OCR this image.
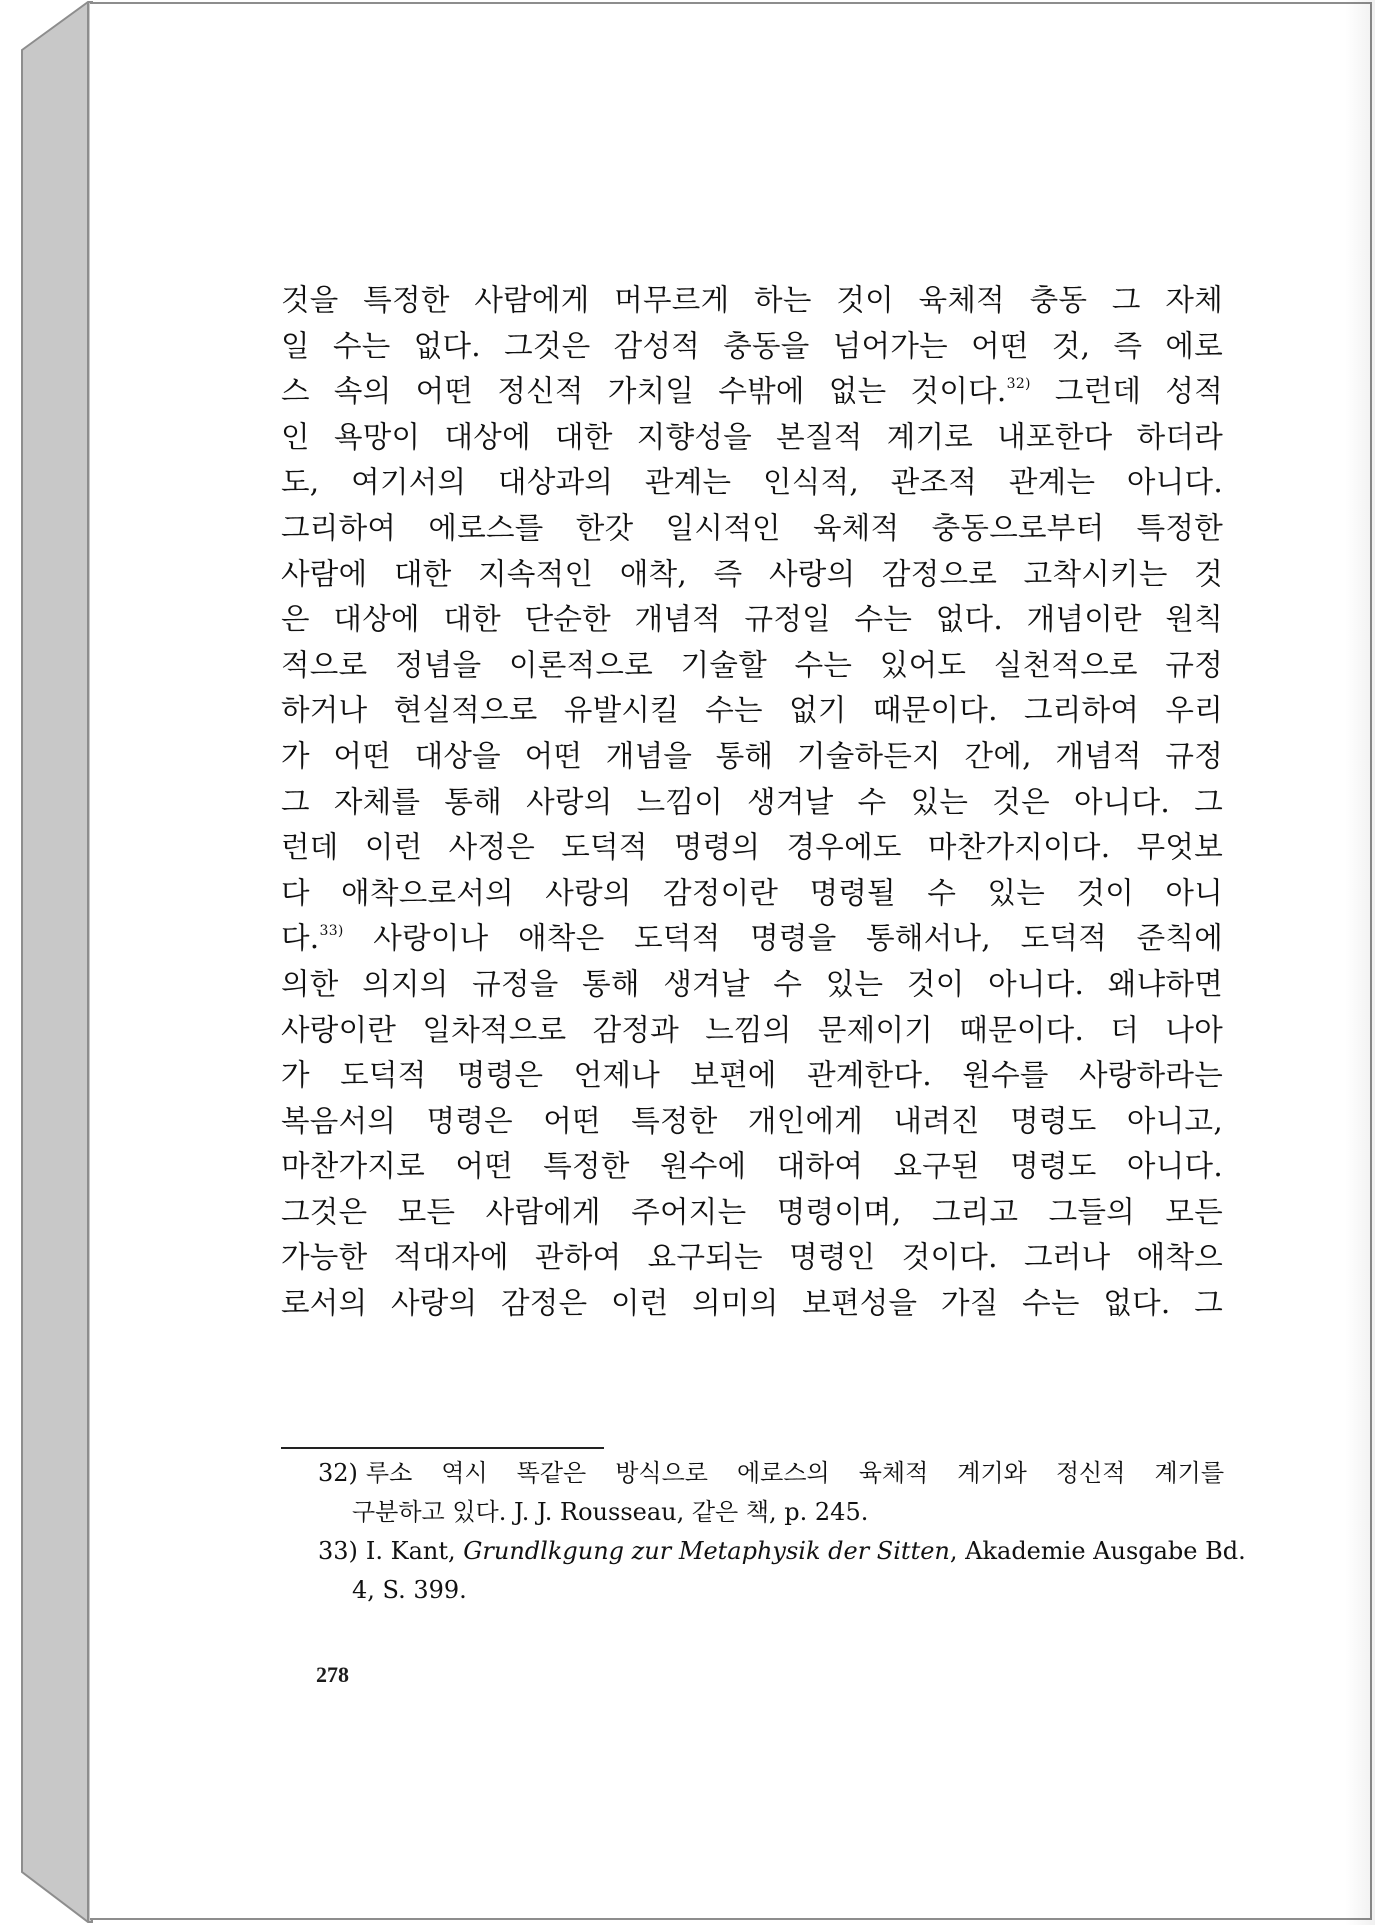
것을 특정한 사람에게 머무르게 하는 것이 육체적 충동 그 자체
일 수는 없다. 그것은 감성적 충동을 넘어가는 어떤 것, 즉 에로
스 속의 어떤 정신적 가치일 수밖에 없는 것이다.$^{32)}$ 그런데 성적
인 욕망이 대상에 대한 지향성을 본질적 계기로 내포한다 하더라
도, 여기서의 대상과의 관계는 인식적, 관조적 관계는 아니다.
그리하여 에로스를 한갓 일시적인 육체적 충동으로부터 특정한
사람에 대한 지속적인 애착, 즉 사랑의 감정으로 고착시키는 것
은 대상에 대한 단순한 개념적 규정일 수는 없다. 개념이란 원칙
적으로 정념을 이론적으로 기술할 수는 있어도 실천적으로 규정
하거나 현실적으로 유발시킬 수는 없기 때문이다. 그리하여 우리
가 어떤 대상을 어떤 개념을 통해 기술하든지 간에, 개념적 규정
그 자체를 통해 사랑의 느낌이 생겨날 수 있는 것은 아니다. 그
런데 이런 사정은 도덕적 명령의 경우에도 마찬가지이다. 무엇보
다 애착으로서의 사랑의 감정이란 명령될 수 있는 것이 아니
다.$^{33)}$ 사랑이나 애착은 도덕적 명령을 통해서나, 도덕적 준칙에
의한 의지의 규정을 통해 생겨날 수 있는 것이 아니다. 왜냐하면
사랑이란 일차적으로 감정과 느낌의 문제이기 때문이다. 더 나아
가 도덕적 명령은 언제나 보편에 관계한다. 원수를 사랑하라는
복음서의 명령은 어떤 특정한 개인에게 내려진 명령도 아니고,
마찬가지로 어떤 특정한 원수에 대하여 요구된 명령도 아니다.
그것은 모든 사람에게 주어지는 명령이며, 그리고 그들의 모든
가능한 적대자에 관하여 요구되는 명령인 것이다. 그러나 애착으
로서의 사랑의 감정은 이런 의미의 보편성을 가질 수는 없다. 그
32) 루소 역시 똑같은 방식으로 에로스의 육체적 계기와 정신적 계기를
구분하고 있다. J. J. Rousseau, 같은 책, p. 245.
33) I. Kant, Grundlkgung zur Metaphysik der Sitten, Akademie Ausgabe Bd.
4, S. 399.
278
